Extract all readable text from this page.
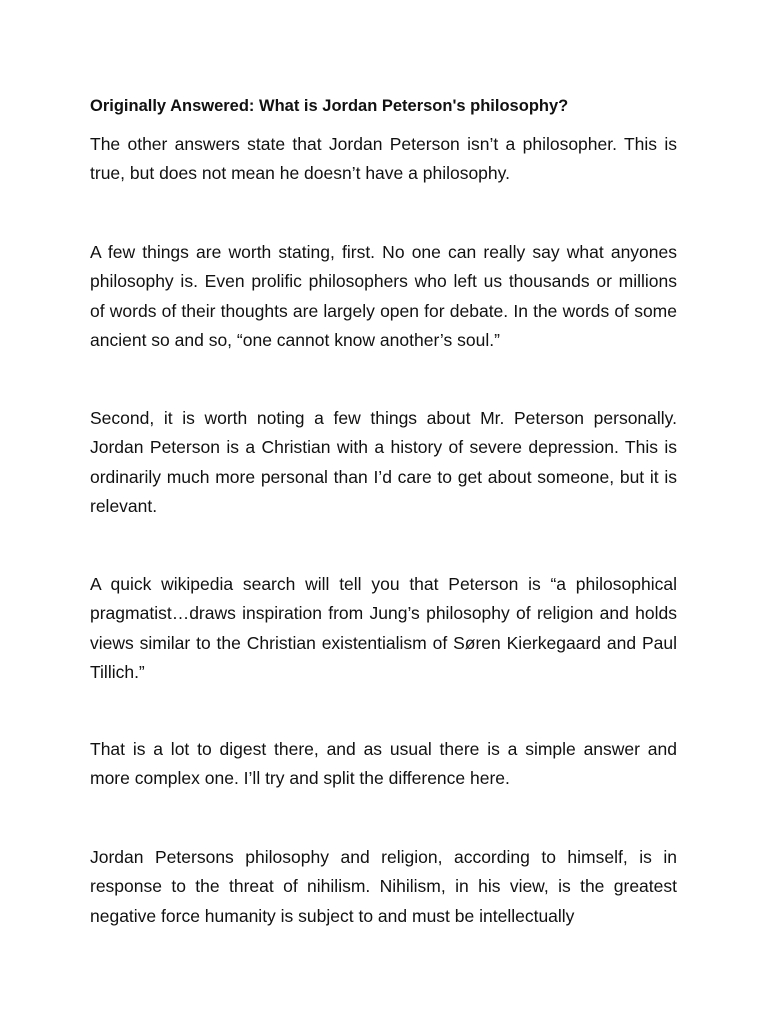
Originally Answered: What is Jordan Peterson's philosophy?

The other answers state that Jordan Peterson isn’t a philosopher. This is true, but does not mean he doesn’t have a philosophy.

A few things are worth stating, first. No one can really say what anyones philosophy is. Even prolific philosophers who left us thousands or millions of words of their thoughts are largely open for debate. In the words of some ancient so and so, “one cannot know another’s soul.”

Second, it is worth noting a few things about Mr. Peterson personally. Jordan Peterson is a Christian with a history of severe depression. This is ordinarily much more personal than I’d care to get about someone, but it is relevant.

A quick wikipedia search will tell you that Peterson is “a philosophical pragmatist…draws inspiration from Jung’s philosophy of religion and holds views similar to the Christian existentialism of Søren Kierkegaard and Paul Tillich.”

That is a lot to digest there, and as usual there is a simple answer and more complex one. I’ll try and split the difference here.

Jordan Petersons philosophy and religion, according to himself, is in response to the threat of nihilism. Nihilism, in his view, is the greatest negative force humanity is subject to and must be intellectually
